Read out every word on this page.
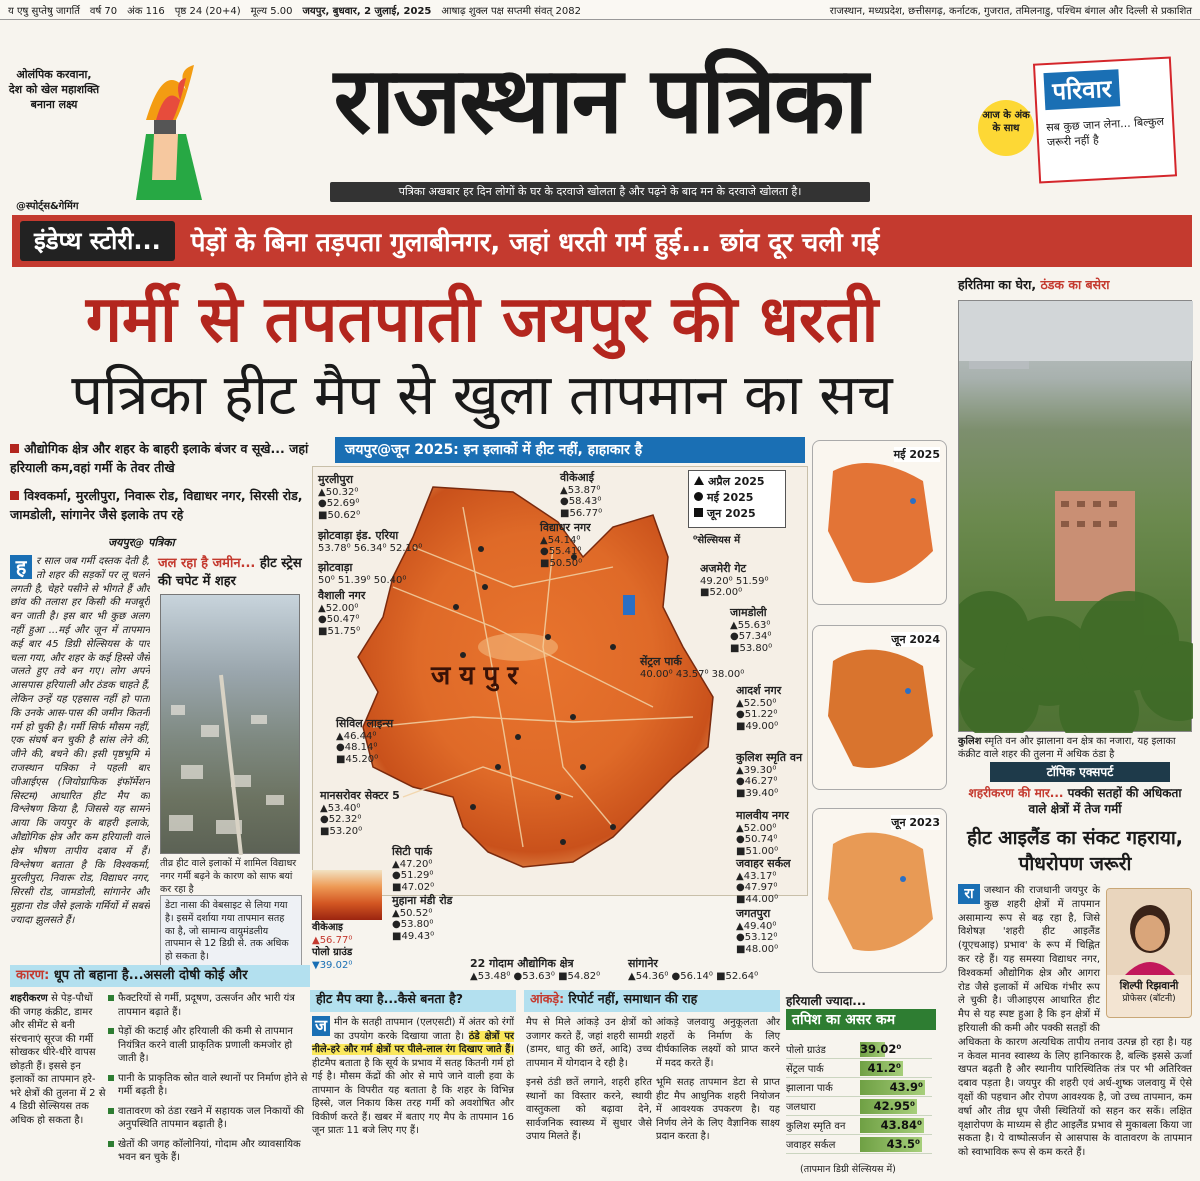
य एषु सुप्तेषु जागर्ति वर्ष 70 अंक 116 पृष्ठ 24 (20+4) मूल्य 5.00 जयपुर, बुधवार, 2 जुलाई, 2025 आषाढ़ शुक्ल पक्ष सप्तमी संवत् 2082	राजस्थान, मध्यप्रदेश, छत्तीसगढ़, कर्नाटक, गुजरात, तमिलनाडु, पश्चिम बंगाल और दिल्ली से प्रकाशित
ओलंपिक करवाना, देश को खेल महाशक्ति बनाना लक्ष्य
@स्पोर्ट्स&गेमिंग
राजस्थान पत्रिका
पत्रिका अखबार हर दिन लोगों के घर के दरवाजे खोलता है और पढ़ने के बाद मन के दरवाजे खोलता है।
आज के अंक के साथ
परिवार
सब कुछ जान लेना... बिल्कुल जरूरी नहीं है
इंडेप्थ स्टोरी...	पेड़ों के बिना तड़पता गुलाबीनगर, जहां धरती गर्म हुई... छांव दूर चली गई
गर्मी से तपतपाती जयपुर की धरती
पत्रिका हीट मैप से खुला तापमान का सच
औद्योगिक क्षेत्र और शहर के बाहरी इलाके बंजर व सूखे... जहां हरियाली कम,वहां गर्मी के तेवर तीखे
विश्वकर्मा, मुरलीपुरा, निवारू रोड, विद्याधर नगर, सिरसी रोड, जामडोली, सांगानेर जैसे इलाके तप रहे
जयपुर@ पत्रिका
ह र साल जब गर्मी दस्तक देती है, तो शहर की सड़कों पर लू चलने लगती है, चेहरे पसीने से भीगते हैं और छांव की तलाश हर किसी की मजबूरी बन जाती है। इस बार भी कुछ अलग नहीं हुआ ...मई और जून में तापमान कई बार 45 डिग्री सेल्सियस के पार चला गया, और शहर के कई हिस्से जैसे जलते हुए तवे बन गए। लोग अपने आसपास हरियाली और ठंडक चाहते हैं, लेकिन उन्हें यह एहसास नहीं हो पाता कि उनके आस-पास की जमीन कितनी गर्म हो चुकी है। गर्मी सिर्फ मौसम नहीं, एक संघर्ष बन चुकी है सांस लेने की, जीने की, बचने की। इसी पृष्ठभूमि में राजस्थान पत्रिका ने पहली बार जीआईएस (जियोग्राफिक इंफॉर्मेशन सिस्टम) आधारित हीट मैप का विश्लेषण किया है, जिससे यह सामने आया कि जयपुर के बाहरी इलाके, औद्योगिक क्षेत्र और कम हरियाली वाले क्षेत्र भीषण तापीय दबाव में हैं। विश्लेषण बताता है कि विश्वकर्मा, मुरलीपुरा, निवारू रोड, विद्याधर नगर, सिरसी रोड, जामडोली, सांगानेर और मुहाना रोड जैसे इलाके गर्मियों में सबसे ज्यादा झुलसते हैं।
जल रहा है जमीन... हीट स्ट्रेस की चपेट में शहर
तीव्र हीट वाले इलाकों में शामिल विद्याधर नगर गर्मी बढ़ने के कारण को साफ बयां कर रहा है
डेटा नासा की वेबसाइट से लिया गया है। इसमें दर्शाया गया तापमान सतह का है, जो सामान्य वायुमंडलीय तापमान से 12 डिग्री से. तक अधिक हो सकता है।
कारण: धूप तो बहाना है...असली दोषी कोई और
शहरीकरण से पेड़-पौधों की जगह कंक्रीट, डामर और सीमेंट से बनी संरचनाएं सूरज की गर्मी सोखकर धीरे-धीरे वापस छोड़ती हैं। इससे इन इलाकों का तापमान हरे-भरे क्षेत्रों की तुलना में 2 से 4 डिग्री सेल्सियस तक अधिक हो सकता है।
फैक्टरियों से गर्मी, प्रदूषण, उत्सर्जन और भारी यंत्र तापमान बढ़ाते हैं।
पेड़ों की कटाई और हरियाली की कमी से तापमान नियंत्रित करने वाली प्राकृतिक प्रणाली कमजोर हो जाती है।
पानी के प्राकृतिक स्रोत वाले स्थानों पर निर्माण होने से गर्मी बढ़ती है।
वातावरण को ठंडा रखने में सहायक जल निकायों की अनुपस्थिति तापमान बढ़ाती है।
खेतों की जगह कॉलोनियां, गोदाम और व्यावसायिक भवन बन चुके हैं।
ज य पु र
जयपुर@जून 2025: इन इलाकों में हीट नहीं, हाहाकार है
अप्रैल 2025
मई 2025
जून 2025
⁰सेल्सियस में
मुरलीपुरा
▲50.32⁰
●52.69⁰
■50.62⁰
वीकेआई
▲53.87⁰
●58.43⁰
■56.77⁰
झोटवाड़ा इंड. एरिया
53.78⁰ 56.34⁰ 52.10⁰
विद्याधर नगर
▲54.14⁰
●55.41⁰
■50.50⁰
झोटवाड़ा
50⁰ 51.39⁰ 50.40⁰
अजमेरी गेट
49.20⁰ 51.59⁰
■52.00⁰
वैशाली नगर
▲52.00⁰
●50.47⁰
■51.75⁰
जामडोली
▲55.63⁰
●57.34⁰
■53.80⁰
सेंट्रल पार्क
40.00⁰ 43.57⁰ 38.00⁰
आदर्श नगर
▲52.50⁰
●51.22⁰
■49.00⁰
सिविल लाइन्स
▲46.44⁰
●48.14⁰
■45.20⁰	कुलिश स्मृति वन
▲39.30⁰
●46.27⁰
■39.40⁰
मानसरोवर सेक्टर 5
▲53.40⁰
●52.32⁰
■53.20⁰
मालवीय नगर
▲52.00⁰
●50.74⁰
■51.00⁰
सिटी पार्क
▲47.20⁰
●51.29⁰
■47.02⁰
जवाहर सर्कल
▲43.17⁰
●47.97⁰
■44.00⁰
मुहाना मंडी रोड
▲50.52⁰
●53.80⁰
■49.43⁰
जगतपुरा
▲49.40⁰
●53.12⁰
■48.00⁰
22 गोदाम औद्योगिक क्षेत्र
▲53.48⁰ ●53.63⁰ ■54.82⁰
सांगानेर
▲54.36⁰ ●56.14⁰ ■52.64⁰
वीकेआइ
▲56.77⁰
पोलो ग्राउंड
▼39.02⁰
मई 2025
जून 2024
जून 2023
हीट मैप क्या है...कैसे बनता है?
ज मीन के सतही तापमान (एलएसटी) में अंतर को रंगों का उपयोग करके दिखाया जाता है। ठंडे क्षेत्रों पर नीले-हरे और गर्म क्षेत्रों पर पीले-लाल रंग दिखाए जाते हैं। हीटमैप बताता है कि सूर्य के प्रभाव में सतह कितनी गर्म हो गई है। मौसम केंद्रों की ओर से मापे जाने वाली हवा के तापमान के विपरीत यह बताता है कि शहर के विभिन्न हिस्से, जल निकाय किस तरह गर्मी को अवशोषित और विकीर्ण करते हैं। खबर में बताए गए मैप के तापमान 16 जून प्रातः 11 बजे लिए गए हैं।
आंकड़े: रिपोर्ट नहीं, समाधान की राह

मैप से मिले आंकड़े उन क्षेत्रों को उजागर करते हैं, जहां शहरी सामग्री (डामर, धातु की छतें, आदि) उच्च तापमान में योगदान दे रही है।

इनसे ठंडी छतें लगाने, शहरी हरित स्थानों का विस्तार करने, स्थायी वास्तुकला को बढ़ावा देने, सार्वजनिक स्वास्थ्य में सुधार जैसे उपाय मिलते हैं।

आंकड़े जलवायु अनुकूलता और शहरों के निर्माण के लिए दीर्घकालिक लक्ष्यों को प्राप्त करने में मदद करते हैं।

भूमि सतह तापमान डेटा से प्राप्त हीट मैप आधुनिक शहरी नियोजन में आवश्यक उपकरण है। यह निर्णय लेने के लिए वैज्ञानिक साक्ष्य प्रदान करता है।

हरियाली ज्यादा...
तपिश का असर कम
पोलो ग्राउंड	39.02⁰
सेंट्रल पार्क	41.2⁰
झालाना पार्क	43.9⁰
जलधारा	42.95⁰
कुलिश स्मृति वन	43.84⁰
जवाहर सर्कल	43.5⁰
(तापमान डिग्री सेल्सियस में)
हरितिमा का घेरा, ठंडक का बसेरा
कुलिश स्मृति वन और झालाना वन क्षेत्र का नजारा, यह इलाका कंक्रीट वाले शहर की तुलना में अधिक ठंडा है
टॉपिक एक्सपर्ट
शहरीकरण की मार... पक्की सतहों की अधिकता वाले क्षेत्रों में तेज गर्मी
हीट आइलैंड का संकट गहराया, पौधरोपण जरूरी
शिल्पी रिझवानी
प्रोफेसर (बॉटनी)
रा	जस्थान की राजधानी जयपुर के कुछ शहरी क्षेत्रों में तापमान असामान्य रूप से बढ़ रहा है, जिसे विशेषज्ञ 'शहरी हीट आइलैंड (यूएचआइ) प्रभाव' के रूप में चिह्नित कर रहे हैं। यह समस्या विद्याधर नगर, विश्वकर्मा औद्योगिक क्षेत्र और आगरा रोड जैसे इलाकों में अधिक गंभीर रूप ले चुकी है। जीआइएस आधारित हीट मैप से यह स्पष्ट हुआ है कि इन क्षेत्रों में हरियाली की कमी और पक्की सतहों की अधिकता के कारण अत्यधिक तापीय तनाव उत्पन्न हो रहा है। यह न केवल मानव स्वास्थ्य के लिए हानिकारक है, बल्कि इससे ऊर्जा खपत बढ़ती है और स्थानीय पारिस्थितिक तंत्र पर भी अतिरिक्त दबाव पड़ता है। जयपुर की शहरी एवं अर्ध-शुष्क जलवायु में ऐसे वृक्षों की पहचान और रोपण आवश्यक है, जो उच्च तापमान, कम वर्षा और तीव्र धूप जैसी स्थितियों को सहन कर सकें। लक्षित वृक्षारोपण के माध्यम से हीट आइलैंड प्रभाव से मुकाबला किया जा सकता है। ये वाष्पोत्सर्जन से आसपास के वातावरण के तापमान को स्वाभाविक रूप से कम करते हैं।
